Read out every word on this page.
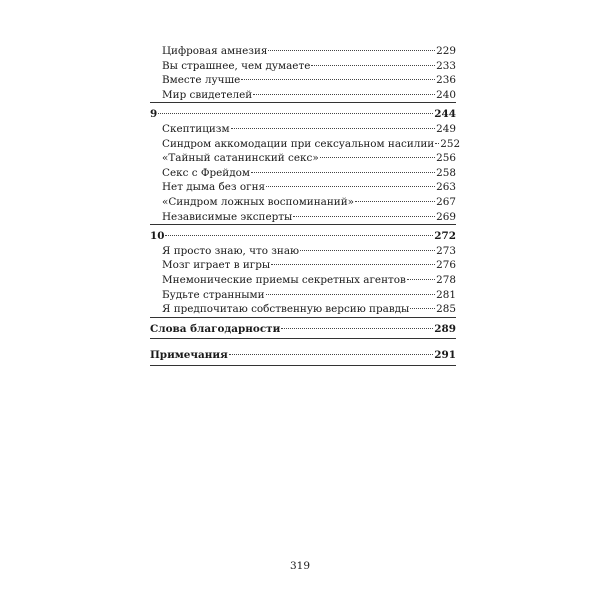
Цифровая амнезия	229
Вы страшнее, чем думаете	233
Вместе лучше	236
Мир свидетелей	240
9	244
Скептицизм	249
Синдром аккомодации при сексуальном насилии 252
«Тайный сатанинский секс»	256
Секс с Фрейдом	258
Нет дыма без огня	263
«Синдром ложных воспоминаний»	267
Независимые эксперты	269
10	272
Я просто знаю, что знаю	273
Мозг играет в игры	276
Мнемонические приемы секретных агентов	278
Будьте странными	281
Я предпочитаю собственную версию правды	285
Слова благодарности	289
Примечания	291
319
